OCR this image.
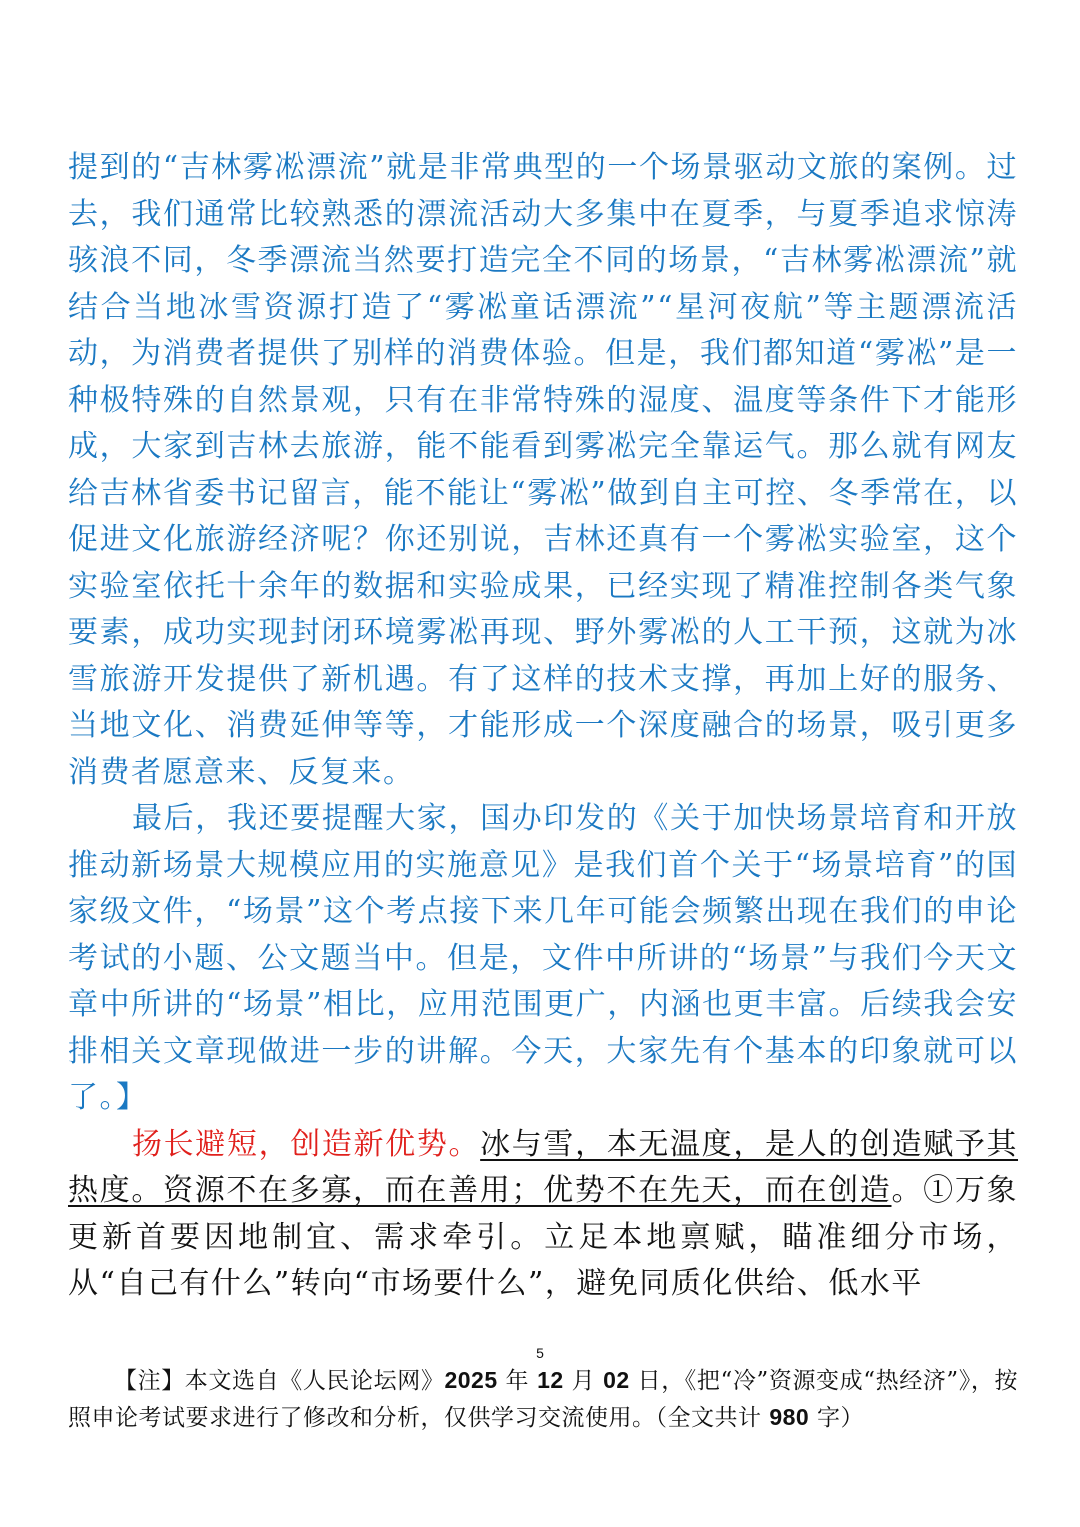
提到的“吉林雾凇漂流”就是非常典型的一个场景驱动文旅的案例。过去，我们通常比较熟悉的漂流活动大多集中在夏季，与夏季追求惊涛骇浪不同，冬季漂流当然要打造完全不同的场景，“吉林雾凇漂流”就结合当地冰雪资源打造了“雾凇童话漂流”“星河夜航”等主题漂流活动，为消费者提供了别样的消费体验。但是，我们都知道“雾凇”是一种极特殊的自然景观，只有在非常特殊的湿度、温度等条件下才能形成，大家到吉林去旅游，能不能看到雾凇完全靠运气。那么就有网友给吉林省委书记留言，能不能让“雾凇”做到自主可控、冬季常在，以促进文化旅游经济呢？你还别说，吉林还真有一个雾凇实验室，这个实验室依托十余年的数据和实验成果，已经实现了精准控制各类气象要素，成功实现封闭环境雾凇再现、野外雾凇的人工干预，这就为冰雪旅游开发提供了新机遇。有了这样的技术支撑，再加上好的服务、当地文化、消费延伸等等，才能形成一个深度融合的场景，吸引更多消费者愿意来、反复来。

最后，我还要提醒大家，国办印发的《关于加快场景培育和开放推动新场景大规模应用的实施意见》是我们首个关于“场景培育”的国家级文件，“场景”这个考点接下来几年可能会频繁出现在我们的申论考试的小题、公文题当中。但是，文件中所讲的“场景”与我们今天文章中所讲的“场景”相比，应用范围更广，内涵也更丰富。后续我会安排相关文章现做进一步的讲解。今天，大家先有个基本的印象就可以了。】

扬长避短，创造新优势。冰与雪，本无温度，是人的创造赋予其热度。资源不在多寡，而在善用；优势不在先天，而在创造。①万象更新首要因地制宜、需求牵引。立足本地禀赋，瞄准细分市场，从“自己有什么”转向“市场要什么”，避免同质化供给、低水平

5
【注】本文选自《人民论坛网》2025 年 12 月 02 日，《把“冷”资源变成“热经济”》，按照申论考试要求进行了修改和分析，仅供学习交流使用。（全文共计 980 字）
